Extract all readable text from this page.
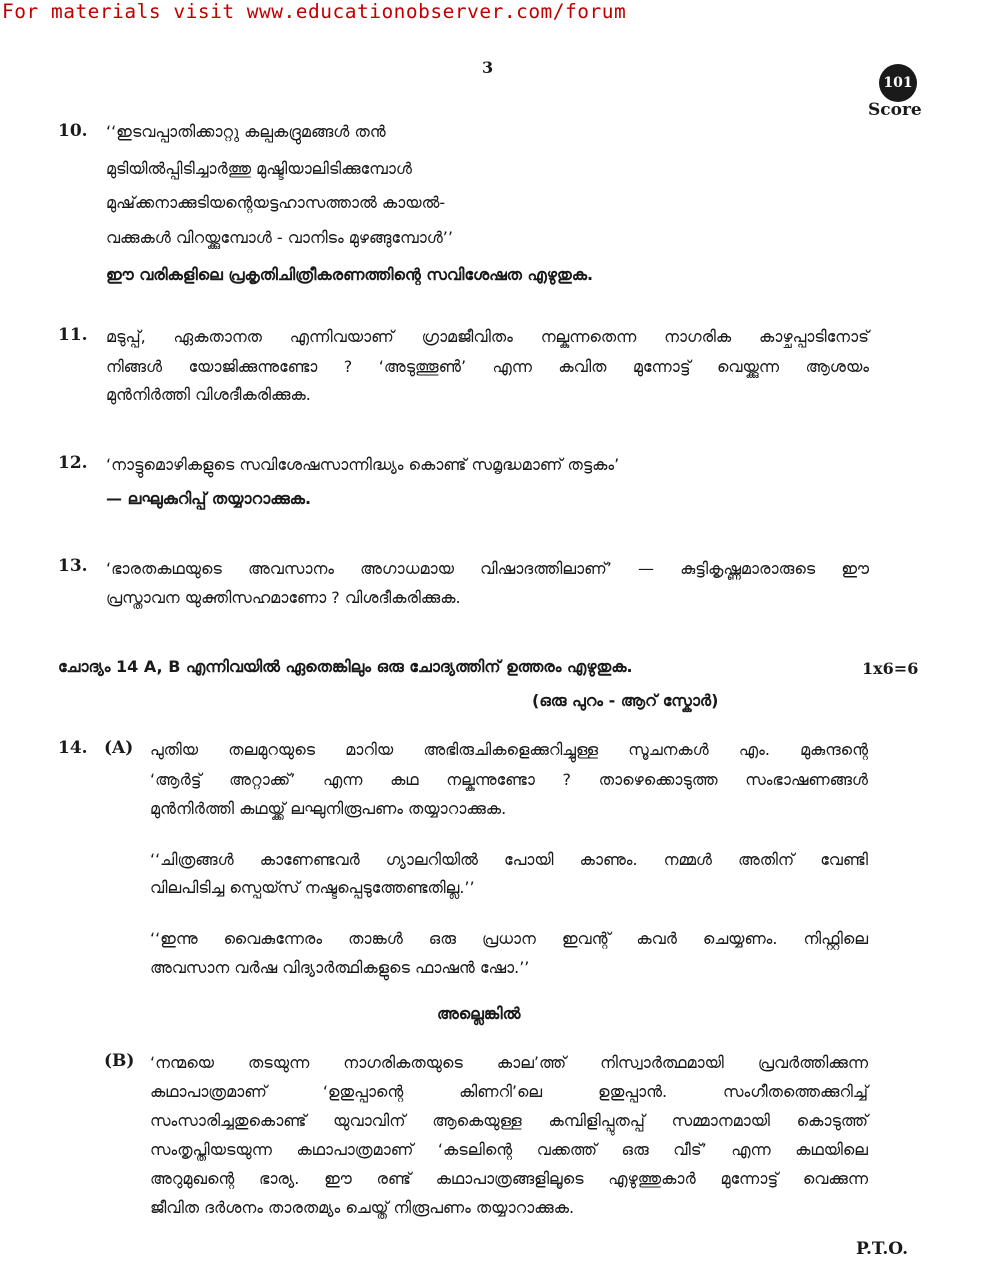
For materials visit www.educationobserver.com/forum
3
101
Score
10. ‘‘ഇടവപ്പാതിക്കാറ്റു കല്പകദ്രുമങ്ങൾ തൻ
മുടിയിൽപ്പിടിച്ചാർത്തു മുഷ്ടിയാലിടിക്കുമ്പോൾ
മുഷ്‌ക്കനാക്കുടിയന്റെയട്ടഹാസത്താൽ കായൽ-
വക്കുകൾ വിറയ്ക്കുമ്പോൾ - വാനിടം മുഴങ്ങുമ്പോൾ’’
ഈ വരികളിലെ പ്രകൃതിചിത്രീകരണത്തിന്റെ സവിശേഷത എഴുതുക.
11. മടുപ്പ്, ഏകതാനത എന്നിവയാണ് ഗ്രാമജീവിതം നല്കുന്നതെന്ന നാഗരിക കാഴ്ചപ്പാടിനോട്
നിങ്ങൾ യോജിക്കുന്നുണ്ടോ ? ‘അടുത്തൂൺ’ എന്ന കവിത മുന്നോട്ട് വെയ്ക്കുന്ന ആശയം
മുൻനിർത്തി വിശദീകരിക്കുക.
12. ‘നാട്ടുമൊഴികളുടെ സവിശേഷസാന്നിദ്ധ്യം കൊണ്ട് സമൃദ്ധമാണ് തട്ടകം’
— ലഘുകുറിപ്പ് തയ്യാറാക്കുക.
13. ‘ഭാരതകഥയുടെ അവസാനം അഗാധമായ വിഷാദത്തിലാണ്’ — കുട്ടികൃഷ്ണമാരാരുടെ ഈ
പ്രസ്താവന യുക്തിസഹമാണോ ? വിശദീകരിക്കുക.
ചോദ്യം 14 A, B എന്നിവയിൽ ഏതെങ്കിലും ഒരു ചോദ്യത്തിന് ഉത്തരം എഴുതുക.	1x6=6
(ഒരു പുറം - ആറ് സ്കോർ)
14. (A) പുതിയ തലമുറയുടെ മാറിയ അഭിരുചികളെക്കുറിച്ചുള്ള സൂചനകൾ എം. മുകുന്ദന്റെ
‘ആർട്ട് അറ്റാക്ക്’ എന്ന കഥ നല്കുന്നുണ്ടോ ? താഴെക്കൊടുത്ത സംഭാഷണങ്ങൾ
മുൻനിർത്തി കഥയ്ക്ക് ലഘുനിരൂപണം തയ്യാറാക്കുക.
‘‘ചിത്രങ്ങൾ കാണേണ്ടവർ ഗ്യാലറിയിൽ പോയി കാണും. നമ്മൾ അതിന് വേണ്ടി
വിലപിടിച്ച സ്പെയ്സ് നഷ്ടപ്പെടുത്തേണ്ടതില്ല.’’
‘‘ഇന്നു വൈകുന്നേരം താങ്കൾ ഒരു പ്രധാന ഇവന്റ് കവർ ചെയ്യണം. നിഫ്റ്റിലെ
അവസാന വർഷ വിദ്യാർത്ഥികളുടെ ഫാഷൻ ഷോ.’’
അല്ലെങ്കിൽ
(B) ‘നന്മയെ തടയുന്ന നാഗരികതയുടെ കാല’ത്ത് നിസ്വാർത്ഥമായി പ്രവർത്തിക്കുന്ന
കഥാപാത്രമാണ് ‘ഉതുപ്പാന്റെ കിണറി’ലെ ഉതുപ്പാൻ. സംഗീതത്തെക്കുറിച്ച്
സംസാരിച്ചതുകൊണ്ട് യുവാവിന് ആകെയുള്ള കമ്പിളിപ്പുതപ്പ് സമ്മാനമായി കൊടുത്ത്
സംതൃപ്തിയടയുന്ന കഥാപാത്രമാണ് ‘കടലിന്റെ വക്കത്ത് ഒരു വീട്’ എന്ന കഥയിലെ
അറുമുഖന്റെ ഭാര്യ. ഈ രണ്ട് കഥാപാത്രങ്ങളിലൂടെ എഴുത്തുകാർ മുന്നോട്ട് വെക്കുന്ന
ജീവിത ദർശനം താരതമ്യം ചെയ്ത് നിരൂപണം തയ്യാറാക്കുക.
P.T.O.
